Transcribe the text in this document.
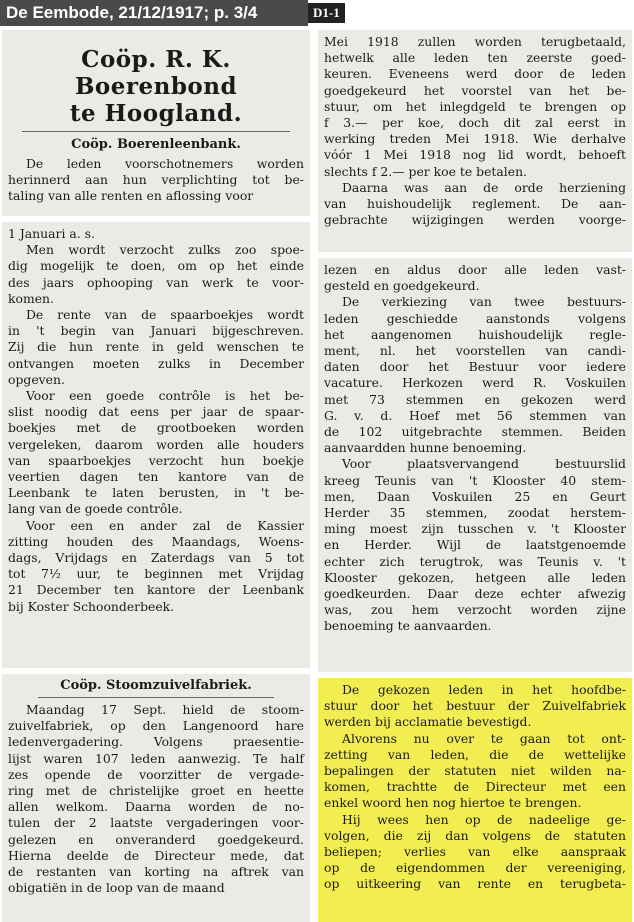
De Eembode, 21/12/1917; p. 3/4	D1-1
Coöp. R. K. Boerenbond
te Hoogland.
Coöp. Boerenleenbank.

De leden voorschotnemers worden

herinnerd aan hun verplichting tot be-

taling van alle renten en aflossing voor

1 Januari a. s.

Men wordt verzocht zulks zoo spoe-

dig mogelijk te doen, om op het einde

des jaars ophooping van werk te voor-

komen.

De rente van de spaarboekjes wordt

in 't begin van Januari bijgeschreven.

Zij die hun rente in geld wenschen te

ontvangen moeten zulks in December

opgeven.

Voor een goede contrôle is het be-

slist noodig dat eens per jaar de spaar-

boekjes met de grootboeken worden

vergeleken, daarom worden alle houders

van spaarboekjes verzocht hun boekje

veertien dagen ten kantore van de

Leenbank te laten berusten, in 't be-

lang van de goede contrôle.

Voor een en ander zal de Kassier

zitting houden des Maandags, Woens-

dags, Vrijdags en Zaterdags van 5 tot

tot 7½ uur, te beginnen met Vrijdag

21 December ten kantore der Leenbank

bij Koster Schoonderbeek.

Coöp. Stoomzuivelfabriek.

Maandag 17 Sept. hield de stoom-

zuivelfabriek, op den Langenoord hare

ledenvergadering. Volgens praesentie-

lijst waren 107 leden aanwezig. Te half

zes opende de voorzitter de vergade-

ring met de christelijke groet en heette

allen welkom. Daarna worden de no-

tulen der 2 laatste vergaderingen voor-

gelezen en onveranderd goedgekeurd.

Hierna deelde de Directeur mede, dat

de restanten van korting na aftrek van

obigatiën in de loop van de maand

Mei 1918 zullen worden terugbetaald,

hetwelk alle leden ten zeerste goed-

keuren. Eveneens werd door de leden

goedgekeurd het voorstel van het be-

stuur, om het inlegdgeld te brengen op

f 3.— per koe, doch dit zal eerst in

werking treden Mei 1918. Wie derhalve

vóór 1 Mei 1918 nog lid wordt, behoeft

slechts f 2.— per koe te betalen.

Daarna was aan de orde herziening

van huishoudelijk reglement. De aan-

gebrachte wijzigingen werden voorge-

lezen en aldus door alle leden vast-

gesteld en goedgekeurd.

De verkiezing van twee bestuurs-

leden geschiedde aanstonds volgens

het aangenomen huishoudelijk regle-

ment, nl. het voorstellen van candi-

daten door het Bestuur voor iedere

vacature. Herkozen werd R. Voskuilen

met 73 stemmen en gekozen werd

G. v. d. Hoef met 56 stemmen van

de 102 uitgebrachte stemmen. Beiden

aanvaardden hunne benoeming.

Voor plaatsvervangend bestuurslid

kreeg Teunis van 't Klooster 40 stem-

men, Daan Voskuilen 25 en Geurt

Herder 35 stemmen, zoodat herstem-

ming moest zijn tusschen v. 't Klooster

en Herder. Wijl de laatstgenoemde

echter zich terugtrok, was Teunis v. 't

Klooster gekozen, hetgeen alle leden

goedkeurden. Daar deze echter afwezig

was, zou hem verzocht worden zijne

benoeming te aanvaarden.

De gekozen leden in het hoofdbe-

stuur door het bestuur der Zuivelfabriek

werden bij acclamatie bevestigd.

Alvorens nu over te gaan tot ont-

zetting van leden, die de wettelijke

bepalingen der statuten niet wilden na-

komen, trachtte de Directeur met een

enkel woord hen nog hiertoe te brengen.

Hij wees hen op de nadeelige ge-

volgen, die zij dan volgens de statuten

beliepen; verlies van elke aanspraak

op de eigendommen der vereeniging,

op uitkeering van rente en terugbeta-
